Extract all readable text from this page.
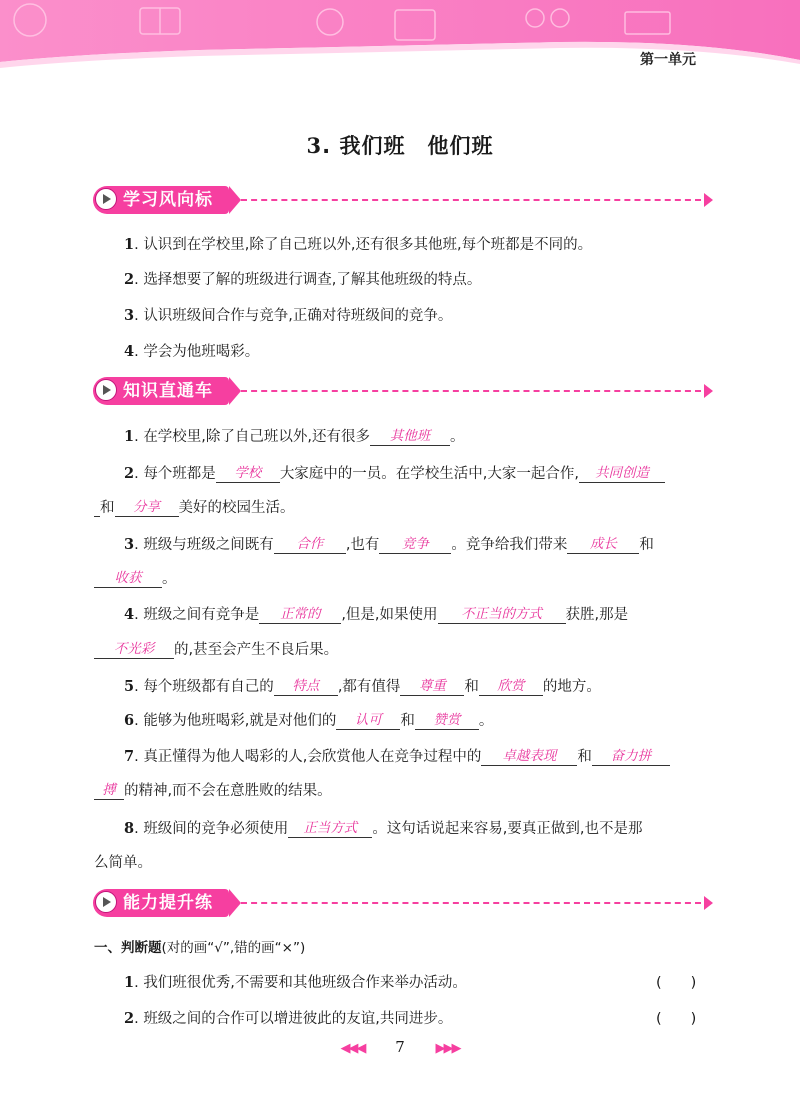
第一单元
3. 我们班 他们班
学习风向标
1. 认识到在学校里,除了自己班以外,还有很多其他班,每个班都是不同的。
2. 选择想要了解的班级进行调查,了解其他班级的特点。
3. 认识班级间合作与竞争,正确对待班级间的竞争。
4. 学会为他班喝彩。
知识直通车
1. 在学校里,除了自己班以外,还有很多 其他班 。
2. 每个班都是 学校 大家庭中的一员。在学校生活中,大家一起合作, 共同创造
和 分享 美好的校园生活。
3. 班级与班级之间既有 合作 ,也有 竞争 。竞争给我们带来 成长 和
收获 。
4. 班级之间有竞争是 正常的 ,但是,如果使用 不正当的方式 获胜,那是
不光彩 的,甚至会产生不良后果。
5. 每个班级都有自己的 特点 ,都有值得 尊重 和 欣赏 的地方。
6. 能够为他班喝彩,就是对他们的 认可 和 赞赏 。
7. 真正懂得为他人喝彩的人,会欣赏他人在竞争过程中的 卓越表现 和 奋力拼
搏 的精神,而不会在意胜败的结果。
8. 班级间的竞争必须使用 正当方式 。这句话说起来容易,要真正做到,也不是那
么简单。
能力提升练
一、判断题(对的画“√”,错的画“×”)
1. 我们班很优秀,不需要和其他班级合作来举办活动。	(　　)
2. 班级之间的合作可以增进彼此的友谊,共同进步。	(　　)
◀◀◀ 7 ▶▶▶
